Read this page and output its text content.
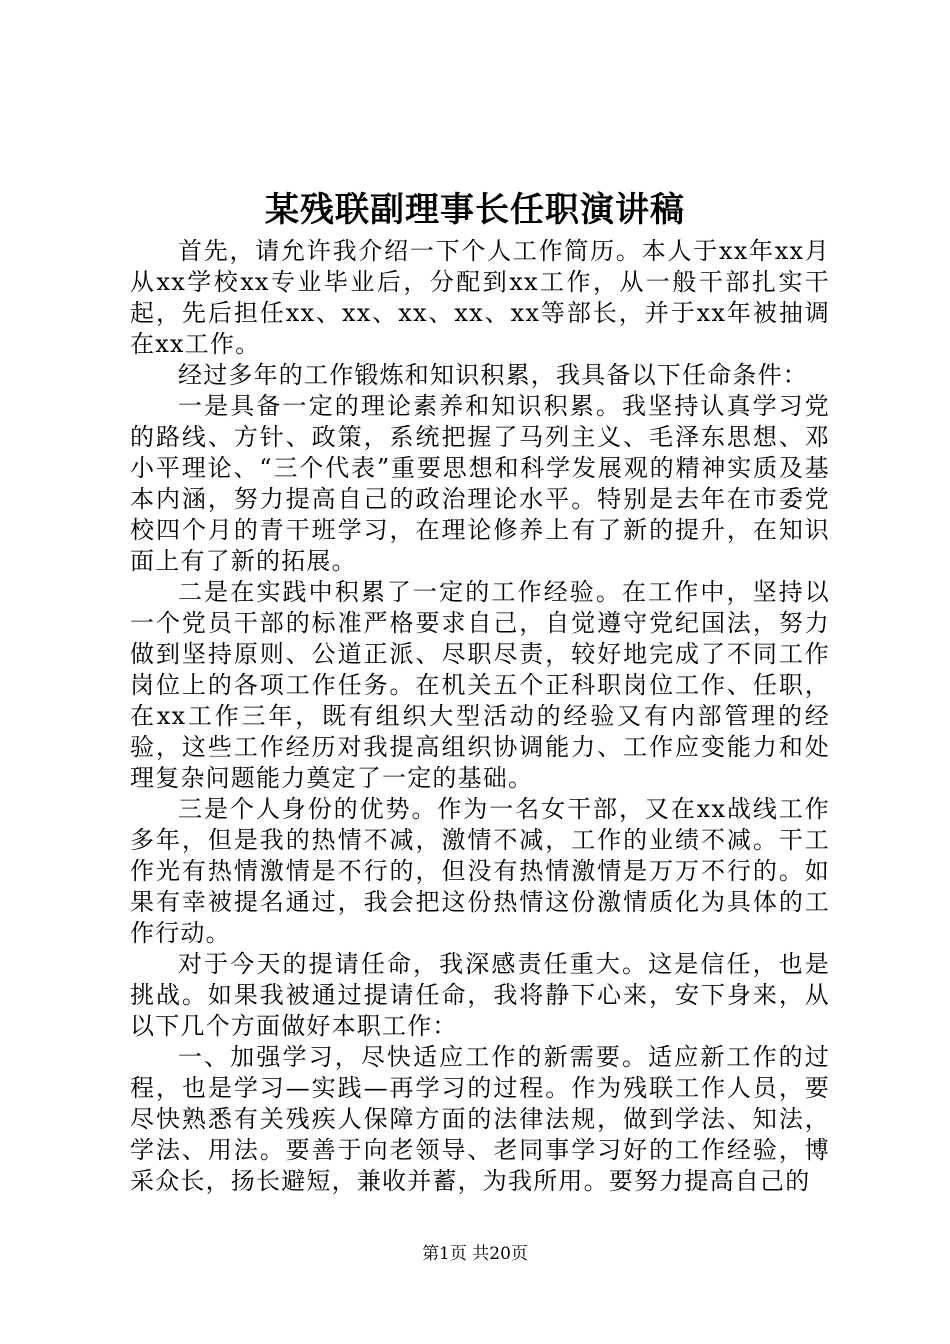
某残联副理事长任职演讲稿

首先，请允许我介绍一下个人工作简历。本人于xx年xx月从xx学校xx专业毕业后，分配到xx工作，从一般干部扎实干起，先后担任xx、xx、xx、xx、xx等部长，并于xx年被抽调在xx工作。

经过多年的工作锻炼和知识积累，我具备以下任命条件：

一是具备一定的理论素养和知识积累。我坚持认真学习党的路线、方针、政策，系统把握了马列主义、毛泽东思想、邓小平理论、“三个代表”重要思想和科学发展观的精神实质及基本内涵，努力提高自己的政治理论水平。特别是去年在市委党校四个月的青干班学习，在理论修养上有了新的提升，在知识面上有了新的拓展。

二是在实践中积累了一定的工作经验。在工作中，坚持以一个党员干部的标准严格要求自己，自觉遵守党纪国法，努力做到坚持原则、公道正派、尽职尽责，较好地完成了不同工作岗位上的各项工作任务。在机关五个正科职岗位工作、任职，在xx工作三年，既有组织大型活动的经验又有内部管理的经验，这些工作经历对我提高组织协调能力、工作应变能力和处理复杂问题能力奠定了一定的基础。

三是个人身份的优势。作为一名女干部，又在xx战线工作多年，但是我的热情不减，激情不减，工作的业绩不减。干工作光有热情激情是不行的，但没有热情激情是万万不行的。如果有幸被提名通过，我会把这份热情这份激情质化为具体的工作行动。

对于今天的提请任命，我深感责任重大。这是信任，也是挑战。如果我被通过提请任命，我将静下心来，安下身来，从以下几个方面做好本职工作：

一、加强学习，尽快适应工作的新需要。适应新工作的过程，也是学习—实践—再学习的过程。作为残联工作人员，要尽快熟悉有关残疾人保障方面的法律法规，做到学法、知法，学法、用法。要善于向老领导、老同事学习好的工作经验，博采众长，扬长避短，兼收并蓄，为我所用。要努力提高自己的

第1页 共20页
